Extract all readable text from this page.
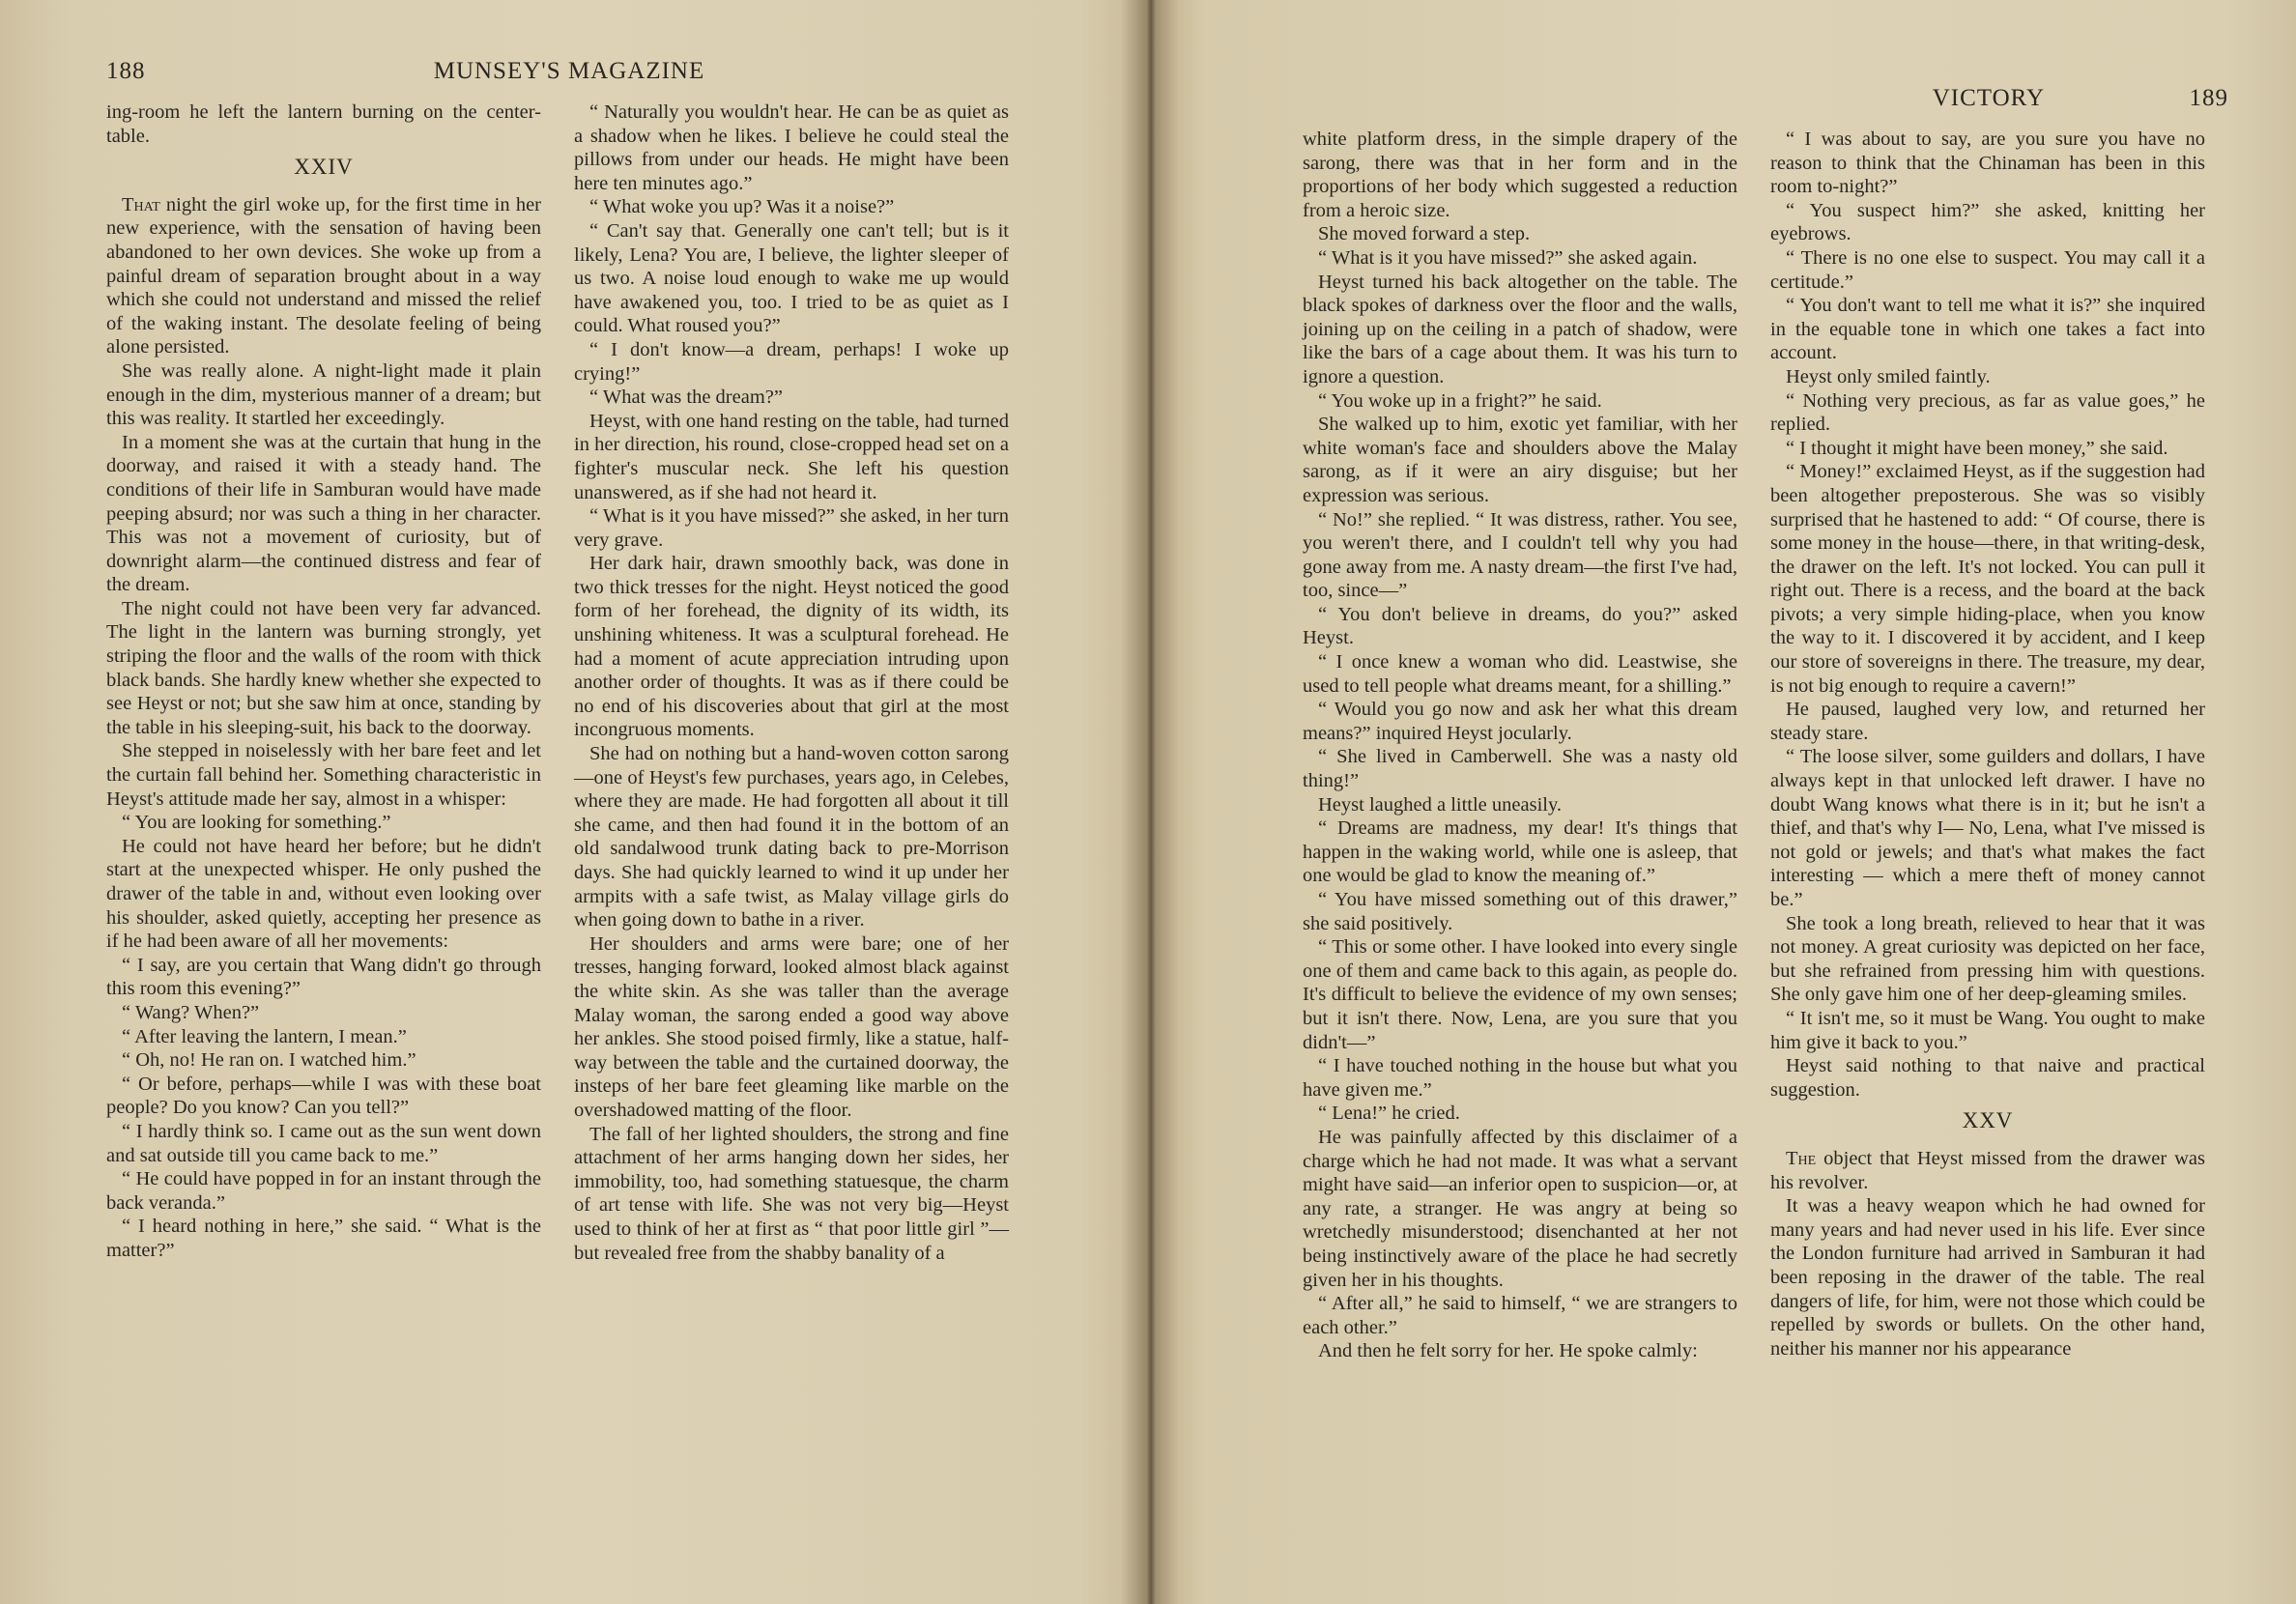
188	MUNSEY'S MAGAZINE

ing-room he left the lantern burning on the center-table.

XXIV

That night the girl woke up, for the first time in her new experience, with the sensation of having been abandoned to her own devices. She woke up from a painful dream of separation brought about in a way which she could not understand and missed the relief of the waking instant. The desolate feeling of being alone persisted.

She was really alone. A night-light made it plain enough in the dim, mysterious manner of a dream; but this was reality. It startled her exceedingly.

In a moment she was at the curtain that hung in the doorway, and raised it with a steady hand. The conditions of their life in Samburan would have made peeping absurd; nor was such a thing in her character. This was not a movement of curiosity, but of downright alarm—the continued distress and fear of the dream.

The night could not have been very far advanced. The light in the lantern was burning strongly, yet striping the floor and the walls of the room with thick black bands. She hardly knew whether she expected to see Heyst or not; but she saw him at once, standing by the table in his sleeping-suit, his back to the doorway.

She stepped in noiselessly with her bare feet and let the curtain fall behind her. Something characteristic in Heyst's attitude made her say, almost in a whisper:

“ You are looking for something.”

He could not have heard her before; but he didn't start at the unexpected whisper. He only pushed the drawer of the table in and, without even looking over his shoulder, asked quietly, accepting her presence as if he had been aware of all her movements:

“ I say, are you certain that Wang didn't go through this room this evening?”

“ Wang? When?”

“ After leaving the lantern, I mean.”

“ Oh, no! He ran on. I watched him.”

“ Or before, perhaps—while I was with these boat people? Do you know? Can you tell?”

“ I hardly think so. I came out as the sun went down and sat outside till you came back to me.”

“ He could have popped in for an instant through the back veranda.”

“ I heard nothing in here,” she said. “ What is the matter?”

“ Naturally you wouldn't hear. He can be as quiet as a shadow when he likes. I believe he could steal the pillows from under our heads. He might have been here ten minutes ago.”

“ What woke you up? Was it a noise?”

“ Can't say that. Generally one can't tell; but is it likely, Lena? You are, I believe, the lighter sleeper of us two. A noise loud enough to wake me up would have awakened you, too. I tried to be as quiet as I could. What roused you?”

“ I don't know—a dream, perhaps! I woke up crying!”

“ What was the dream?”

Heyst, with one hand resting on the table, had turned in her direction, his round, close-cropped head set on a fighter's muscular neck. She left his question unanswered, as if she had not heard it.

“ What is it you have missed?” she asked, in her turn very grave.

Her dark hair, drawn smoothly back, was done in two thick tresses for the night. Heyst noticed the good form of her forehead, the dignity of its width, its unshining whiteness. It was a sculptural forehead. He had a moment of acute appreciation intruding upon another order of thoughts. It was as if there could be no end of his discoveries about that girl at the most incongruous moments.

She had on nothing but a hand-woven cotton sarong—one of Heyst's few purchases, years ago, in Celebes, where they are made. He had forgotten all about it till she came, and then had found it in the bottom of an old sandalwood trunk dating back to pre-Morrison days. She had quickly learned to wind it up under her armpits with a safe twist, as Malay village girls do when going down to bathe in a river.

Her shoulders and arms were bare; one of her tresses, hanging forward, looked almost black against the white skin. As she was taller than the average Malay woman, the sarong ended a good way above her ankles. She stood poised firmly, like a statue, half-way between the table and the curtained doorway, the insteps of her bare feet gleaming like marble on the overshadowed matting of the floor.

The fall of her lighted shoulders, the strong and fine attachment of her arms hanging down her sides, her immobility, too, had something statuesque, the charm of art tense with life. She was not very big—Heyst used to think of her at first as “ that poor little girl ”—but revealed free from the shabby banality of a

VICTORY	189

white platform dress, in the simple drapery of the sarong, there was that in her form and in the proportions of her body which suggested a reduction from a heroic size.

She moved forward a step.

“ What is it you have missed?” she asked again.

Heyst turned his back altogether on the table. The black spokes of darkness over the floor and the walls, joining up on the ceiling in a patch of shadow, were like the bars of a cage about them. It was his turn to ignore a question.

“ You woke up in a fright?” he said.

She walked up to him, exotic yet familiar, with her white woman's face and shoulders above the Malay sarong, as if it were an airy disguise; but her expression was serious.

“ No!” she replied. “ It was distress, rather. You see, you weren't there, and I couldn't tell why you had gone away from me. A nasty dream—the first I've had, too, since—”

“ You don't believe in dreams, do you?” asked Heyst.

“ I once knew a woman who did. Leastwise, she used to tell people what dreams meant, for a shilling.”

“ Would you go now and ask her what this dream means?” inquired Heyst jocularly.

“ She lived in Camberwell. She was a nasty old thing!”

Heyst laughed a little uneasily.

“ Dreams are madness, my dear! It's things that happen in the waking world, while one is asleep, that one would be glad to know the meaning of.”

“ You have missed something out of this drawer,” she said positively.

“ This or some other. I have looked into every single one of them and came back to this again, as people do. It's difficult to believe the evidence of my own senses; but it isn't there. Now, Lena, are you sure that you didn't—”

“ I have touched nothing in the house but what you have given me.”

“ Lena!” he cried.

He was painfully affected by this disclaimer of a charge which he had not made. It was what a servant might have said—an inferior open to suspicion—or, at any rate, a stranger. He was angry at being so wretchedly misunderstood; disenchanted at her not being instinctively aware of the place he had secretly given her in his thoughts.

“ After all,” he said to himself, “ we are strangers to each other.”

And then he felt sorry for her. He spoke calmly:

“ I was about to say, are you sure you have no reason to think that the Chinaman has been in this room to-night?”

“ You suspect him?” she asked, knitting her eyebrows.

“ There is no one else to suspect. You may call it a certitude.”

“ You don't want to tell me what it is?” she inquired in the equable tone in which one takes a fact into account.

Heyst only smiled faintly.

“ Nothing very precious, as far as value goes,” he replied.

“ I thought it might have been money,” she said.

“ Money!” exclaimed Heyst, as if the suggestion had been altogether preposterous. She was so visibly surprised that he hastened to add: “ Of course, there is some money in the house—there, in that writing-desk, the drawer on the left. It's not locked. You can pull it right out. There is a recess, and the board at the back pivots; a very simple hiding-place, when you know the way to it. I discovered it by accident, and I keep our store of sovereigns in there. The treasure, my dear, is not big enough to require a cavern!”

He paused, laughed very low, and returned her steady stare.

“ The loose silver, some guilders and dollars, I have always kept in that unlocked left drawer. I have no doubt Wang knows what there is in it; but he isn't a thief, and that's why I— No, Lena, what I've missed is not gold or jewels; and that's what makes the fact interesting — which a mere theft of money cannot be.”

She took a long breath, relieved to hear that it was not money. A great curiosity was depicted on her face, but she refrained from pressing him with questions. She only gave him one of her deep-gleaming smiles.

“ It isn't me, so it must be Wang. You ought to make him give it back to you.”

Heyst said nothing to that naive and practical suggestion.

XXV

The object that Heyst missed from the drawer was his revolver.

It was a heavy weapon which he had owned for many years and had never used in his life. Ever since the London furniture had arrived in Samburan it had been reposing in the drawer of the table. The real dangers of life, for him, were not those which could be repelled by swords or bullets. On the other hand, neither his manner nor his appearance
